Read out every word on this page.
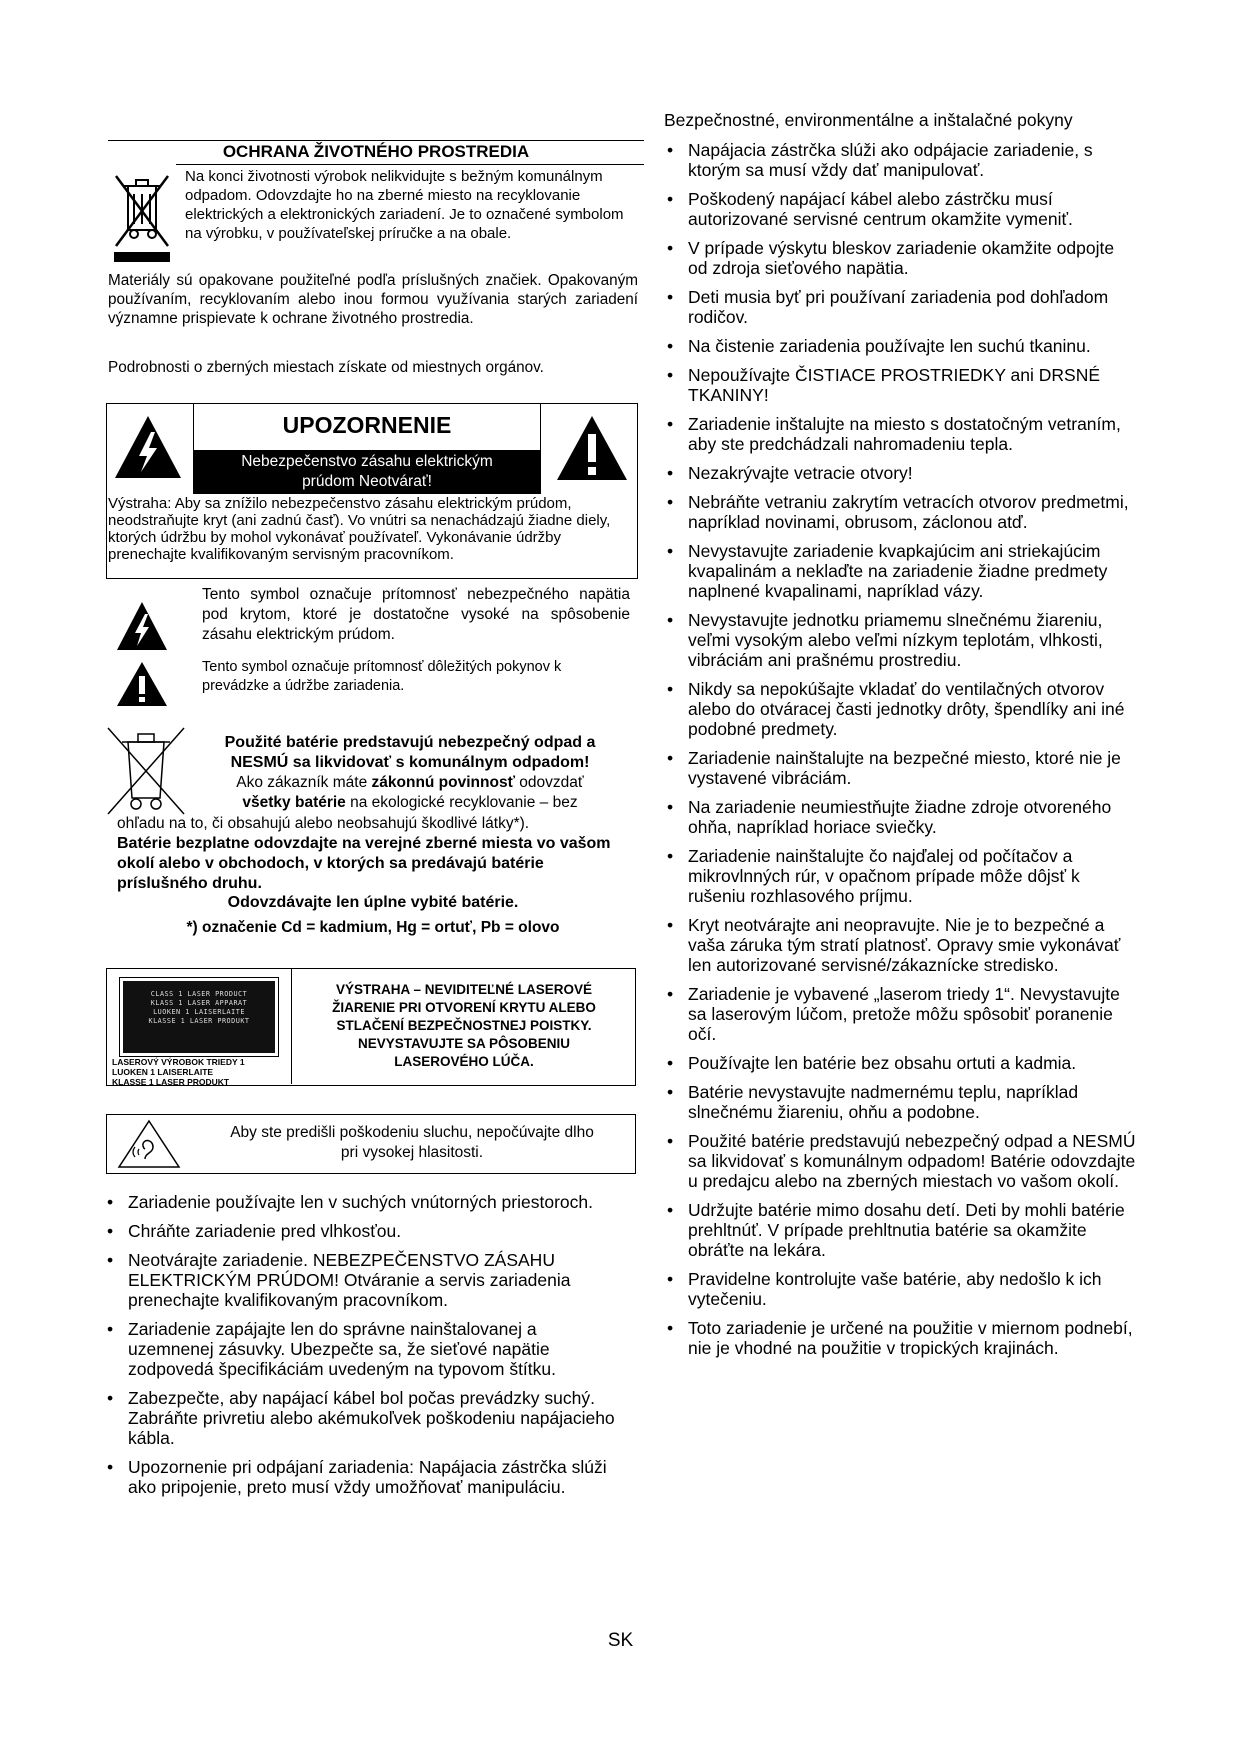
OCHRANA ŽIVOTNÉHO PROSTREDIA
Na konci životnosti výrobok nelikvidujte s bežným komunálnym odpadom. Odovzdajte ho na zberné miesto na recyklovanie elektrických a elektronických zariadení. Je to označené symbolom na výrobku, v používateľskej príručke a na obale.
Materiály sú opakovane použiteľné podľa príslušných značiek. Opakovaným používaním, recyklovaním alebo inou formou využívania starých zariadení významne prispievate k ochrane životného prostredia.
Podrobnosti o zberných miestach získate od miestnych orgánov.
UPOZORNENIE
Nebezpečenstvo zásahu elektrickým
prúdom Neotvárať!
Výstraha: Aby sa znížilo nebezpečenstvo zásahu elektrickým prúdom, neodstraňujte kryt (ani zadnú časť). Vo vnútri sa nenachádzajú žiadne diely, ktorých údržbu by mohol vykonávať používateľ. Vykonávanie údržby prenechajte kvalifikovaným servisným pracovníkom.
Tento symbol označuje prítomnosť nebezpečného napätia pod krytom, ktoré je dostatočne vysoké na spôsobenie zásahu elektrickým prúdom.
Tento symbol označuje prítomnosť dôležitých pokynov k prevádzke a údržbe zariadenia.
Použité batérie predstavujú nebezpečný odpad a
NESMÚ sa likvidovať s komunálnym odpadom!
Ako zákazník máte zákonnú povinnosť odovzdať
všetky batérie na ekologické recyklovanie – bez
ohľadu na to, či obsahujú alebo neobsahujú škodlivé látky*).
Batérie bezplatne odovzdajte na verejné zberné miesta vo vašom okolí alebo v obchodoch, v ktorých sa predávajú batérie príslušného druhu.
Odovzdávajte len úplne vybité batérie.
*) označenie Cd = kadmium, Hg = ortuť, Pb = olovo
CLASS 1 LASER PRODUCT
KLASS 1 LASER APPARAT
LUOKEN 1 LAISERLAITE
KLASSE 1 LASER PRODUKT
LASEROVÝ VÝROBOK TRIEDY 1
LUOKEN 1 LAISERLAITE
KLASSE 1 LASER PRODUKT
VÝSTRAHA – NEVIDITEĽNÉ LASEROVÉ
ŽIARENIE PRI OTVORENÍ KRYTU ALEBO
STLAČENÍ BEZPEČNOSTNEJ POISTKY.
NEVYSTAVUJTE SA PÔSOBENIU
LASEROVÉHO LÚČA.
Aby ste predišli poškodeniu sluchu, nepočúvajte dlho
pri vysokej hlasitosti.
• Zariadenie používajte len v suchých vnútorných priestoroch.
• Chráňte zariadenie pred vlhkosťou.
• Neotvárajte zariadenie. NEBEZPEČENSTVO ZÁSAHU ELEKTRICKÝM PRÚDOM! Otváranie a servis zariadenia prenechajte kvalifikovaným pracovníkom.
• Zariadenie zapájajte len do správne nainštalovanej a uzemnenej zásuvky. Ubezpečte sa, že sieťové napätie zodpovedá špecifikáciám uvedeným na typovom štítku.
• Zabezpečte, aby napájací kábel bol počas prevádzky suchý. Zabráňte privretiu alebo akémukoľvek poškodeniu napájacieho kábla.
• Upozornenie pri odpájaní zariadenia: Napájacia zástrčka slúži ako pripojenie, preto musí vždy umožňovať manipuláciu.
Bezpečnostné, environmentálne a inštalačné pokyny
• Napájacia zástrčka slúži ako odpájacie zariadenie, s ktorým sa musí vždy dať manipulovať.
• Poškodený napájací kábel alebo zástrčku musí autorizované servisné centrum okamžite vymeniť.
• V prípade výskytu bleskov zariadenie okamžite odpojte od zdroja sieťového napätia.
• Deti musia byť pri používaní zariadenia pod dohľadom rodičov.
• Na čistenie zariadenia používajte len suchú tkaninu.
• Nepoužívajte ČISTIACE PROSTRIEDKY ani DRSNÉ TKANINY!
• Zariadenie inštalujte na miesto s dostatočným vetraním, aby ste predchádzali nahromadeniu tepla.
• Nezakrývajte vetracie otvory!
• Nebráňte vetraniu zakrytím vetracích otvorov predmetmi, napríklad novinami, obrusom, záclonou atď.
• Nevystavujte zariadenie kvapkajúcim ani striekajúcim kvapalinám a neklaďte na zariadenie žiadne predmety naplnené kvapalinami, napríklad vázy.
• Nevystavujte jednotku priamemu slnečnému žiareniu, veľmi vysokým alebo veľmi nízkym teplotám, vlhkosti, vibráciám ani prašnému prostrediu.
• Nikdy sa nepokúšajte vkladať do ventilačných otvorov alebo do otváracej časti jednotky drôty, špendlíky ani iné podobné predmety.
• Zariadenie nainštalujte na bezpečné miesto, ktoré nie je vystavené vibráciám.
• Na zariadenie neumiestňujte žiadne zdroje otvoreného ohňa, napríklad horiace sviečky.
• Zariadenie nainštalujte čo najďalej od počítačov a mikrovlnných rúr, v opačnom prípade môže dôjsť k rušeniu rozhlasového príjmu.
• Kryt neotvárajte ani neopravujte. Nie je to bezpečné a vaša záruka tým stratí platnosť. Opravy smie vykonávať len autorizované servisné/zákaznícke stredisko.
• Zariadenie je vybavené „laserom triedy 1“. Nevystavujte sa laserovým lúčom, pretože môžu spôsobiť poranenie očí.
• Používajte len batérie bez obsahu ortuti a kadmia.
• Batérie nevystavujte nadmernému teplu, napríklad slnečnému žiareniu, ohňu a podobne.
• Použité batérie predstavujú nebezpečný odpad a NESMÚ sa likvidovať s komunálnym odpadom! Batérie odovzdajte u predajcu alebo na zberných miestach vo vašom okolí.
• Udržujte batérie mimo dosahu detí. Deti by mohli batérie prehltnúť. V prípade prehltnutia batérie sa okamžite obráťte na lekára.
• Pravidelne kontrolujte vaše batérie, aby nedošlo k ich vytečeniu.
• Toto zariadenie je určené na použitie v miernom podnebí, nie je vhodné na použitie v tropických krajinách.
SK
